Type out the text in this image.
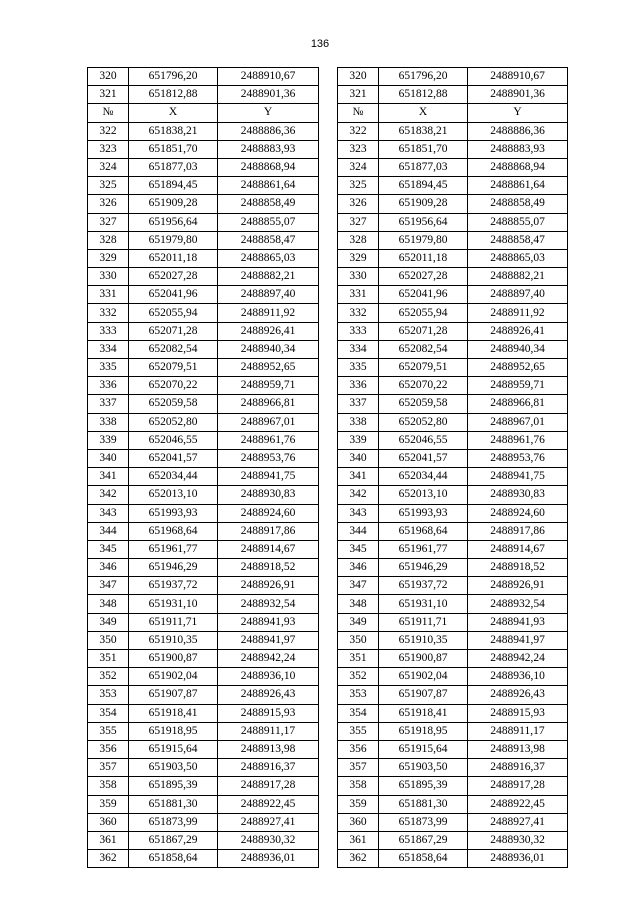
136
320	651796,20	2488910,67		320	651796,20	2488910,67
321	651812,88	2488901,36		321	651812,88	2488901,36
№	X	Y		№	X	Y
322	651838,21	2488886,36		322	651838,21	2488886,36
323	651851,70	2488883,93		323	651851,70	2488883,93
324	651877,03	2488868,94		324	651877,03	2488868,94
325	651894,45	2488861,64		325	651894,45	2488861,64
326	651909,28	2488858,49		326	651909,28	2488858,49
327	651956,64	2488855,07		327	651956,64	2488855,07
328	651979,80	2488858,47		328	651979,80	2488858,47
329	652011,18	2488865,03		329	652011,18	2488865,03
330	652027,28	2488882,21		330	652027,28	2488882,21
331	652041,96	2488897,40		331	652041,96	2488897,40
332	652055,94	2488911,92		332	652055,94	2488911,92
333	652071,28	2488926,41		333	652071,28	2488926,41
334	652082,54	2488940,34		334	652082,54	2488940,34
335	652079,51	2488952,65		335	652079,51	2488952,65
336	652070,22	2488959,71		336	652070,22	2488959,71
337	652059,58	2488966,81		337	652059,58	2488966,81
338	652052,80	2488967,01		338	652052,80	2488967,01
339	652046,55	2488961,76		339	652046,55	2488961,76
340	652041,57	2488953,76		340	652041,57	2488953,76
341	652034,44	2488941,75		341	652034,44	2488941,75
342	652013,10	2488930,83		342	652013,10	2488930,83
343	651993,93	2488924,60		343	651993,93	2488924,60
344	651968,64	2488917,86		344	651968,64	2488917,86
345	651961,77	2488914,67		345	651961,77	2488914,67
346	651946,29	2488918,52		346	651946,29	2488918,52
347	651937,72	2488926,91		347	651937,72	2488926,91
348	651931,10	2488932,54		348	651931,10	2488932,54
349	651911,71	2488941,93		349	651911,71	2488941,93
350	651910,35	2488941,97		350	651910,35	2488941,97
351	651900,87	2488942,24		351	651900,87	2488942,24
352	651902,04	2488936,10		352	651902,04	2488936,10
353	651907,87	2488926,43		353	651907,87	2488926,43
354	651918,41	2488915,93		354	651918,41	2488915,93
355	651918,95	2488911,17		355	651918,95	2488911,17
356	651915,64	2488913,98		356	651915,64	2488913,98
357	651903,50	2488916,37		357	651903,50	2488916,37
358	651895,39	2488917,28		358	651895,39	2488917,28
359	651881,30	2488922,45		359	651881,30	2488922,45
360	651873,99	2488927,41		360	651873,99	2488927,41
361	651867,29	2488930,32		361	651867,29	2488930,32
362	651858,64	2488936,01		362	651858,64	2488936,01
